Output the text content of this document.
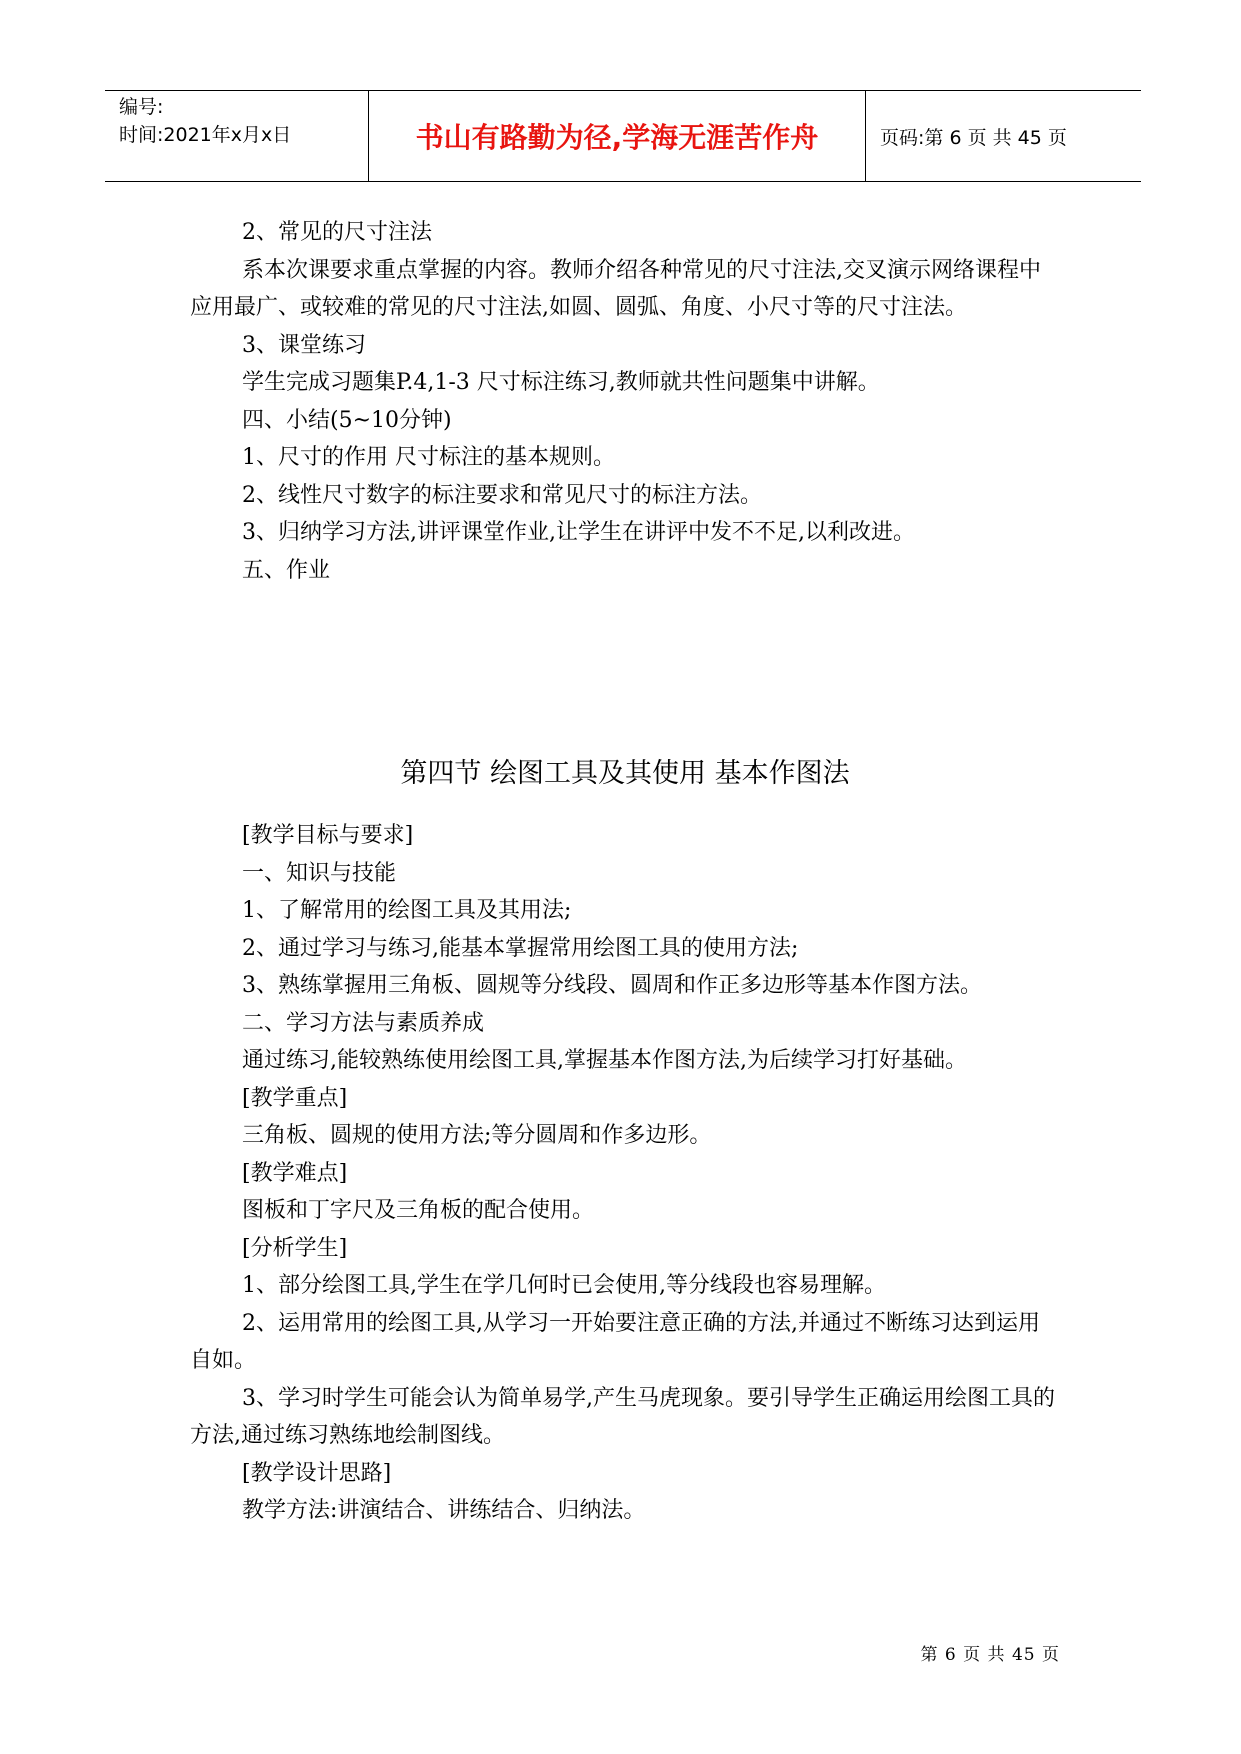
编号:
时间:2021年x月x日	书山有路勤为径,学海无涯苦作舟	页码:第 6 页 共 45 页

2、常见的尺寸注法

系本次课要求重点掌握的内容。教师介绍各种常见的尺寸注法,交叉演示网络课程中应用最广、或较难的常见的尺寸注法,如圆、圆弧、角度、小尺寸等的尺寸注法。

3、课堂练习

学生完成习题集P.4,1-3 尺寸标注练习,教师就共性问题集中讲解。

四、小结(5~10分钟)

1、尺寸的作用 尺寸标注的基本规则。

2、线性尺寸数字的标注要求和常见尺寸的标注方法。

3、归纳学习方法,讲评课堂作业,让学生在讲评中发不不足,以利改进。

五、作业

第四节 绘图工具及其使用 基本作图法

[教学目标与要求]

一、知识与技能

1、了解常用的绘图工具及其用法;

2、通过学习与练习,能基本掌握常用绘图工具的使用方法;

3、熟练掌握用三角板、圆规等分线段、圆周和作正多边形等基本作图方法。

二、学习方法与素质养成

通过练习,能较熟练使用绘图工具,掌握基本作图方法,为后续学习打好基础。

[教学重点]

三角板、圆规的使用方法;等分圆周和作多边形。

[教学难点]

图板和丁字尺及三角板的配合使用。

[分析学生]

1、部分绘图工具,学生在学几何时已会使用,等分线段也容易理解。

2、运用常用的绘图工具,从学习一开始要注意正确的方法,并通过不断练习达到运用自如。

3、学习时学生可能会认为简单易学,产生马虎现象。要引导学生正确运用绘图工具的方法,通过练习熟练地绘制图线。

[教学设计思路]

教学方法:讲演结合、讲练结合、归纳法。

第 6 页 共 45 页
